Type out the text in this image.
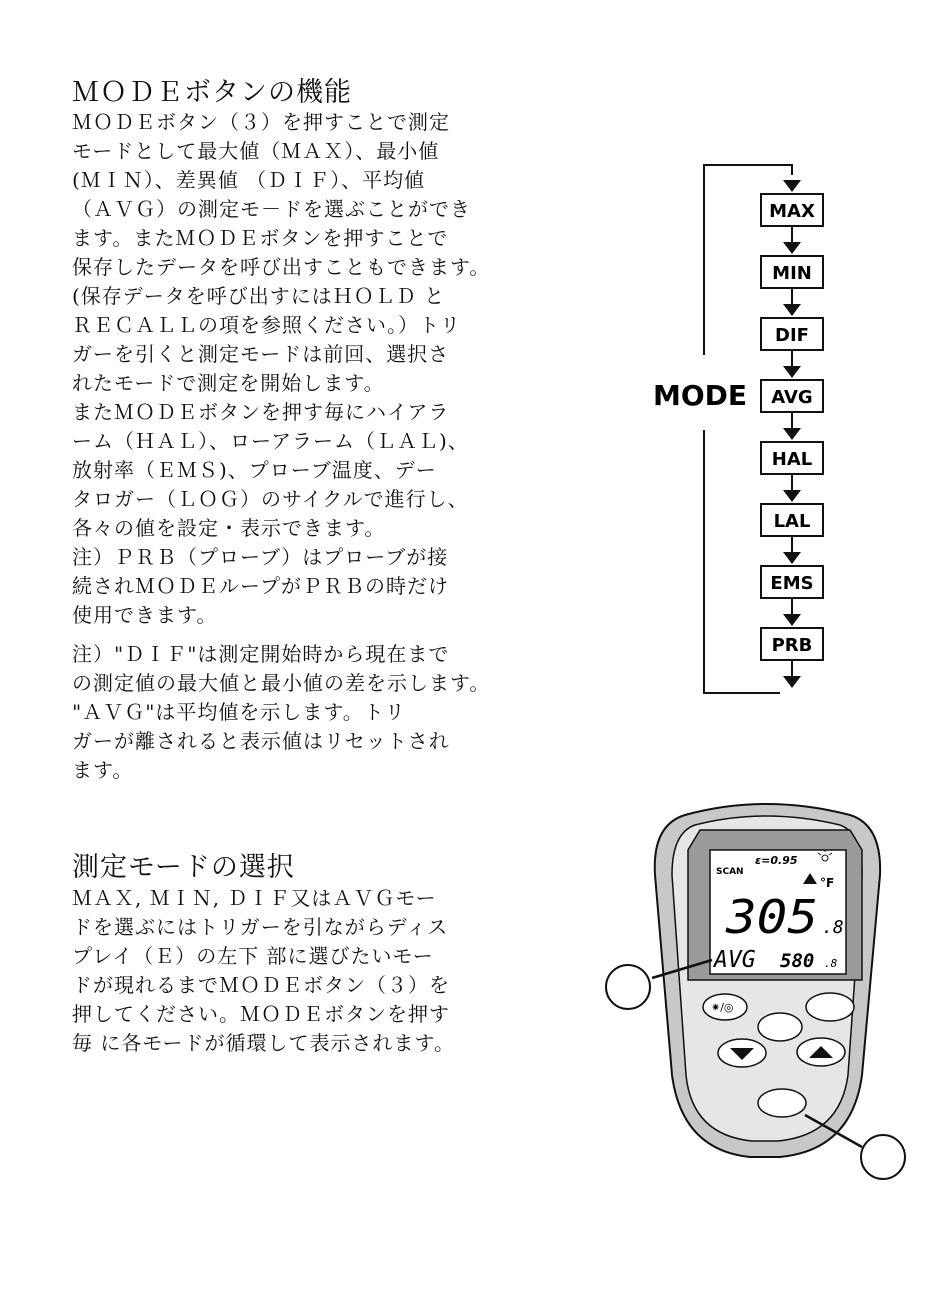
ＭＯＤＥボタンの機能
ＭＯＤＥボタン（３）を押すことで測定
モードとして最大値（ＭＡＸ）、最小値
(ＭＩＮ）、差異値 （ＤＩＦ）、平均値
（ＡＶＧ）の測定モ－ドを選ぶことができ
ます。またＭＯＤＥボタンを押すことで
保存したデータを呼び出すこともできます。
(保存データを呼び出すにはＨＯＬＤ と
ＲＥＣＡＬＬの項を参照ください。）トリ
ガーを引くと測定モードは前回、選択さ
れたモードで測定を開始します。
またＭＯＤＥボタンを押す毎にハイアラ
ーム（ＨＡＬ）、ローアラーム（ＬＡＬ)、
放射率（ＥＭＳ)、プローブ温度、デー
タロガー（ＬＯＧ）のサイクルで進行し、
各々の値を設定・表示できます。
注）ＰＲＢ（プローブ）はプローブが接
続されＭＯＤＥループがＰＲＢの時だけ
使用できます。
注）"ＤＩＦ"は測定開始時から現在まで
の測定値の最大値と最小値の差を示します。
"ＡＶＧ"は平均値を示します。トリ
ガーが離されると表示値はリセットされ
ます。
測定モードの選択
ＭＡＸ, ＭＩＮ, ＤＩＦ又はＡＶＧモー
ドを選ぶにはトリガーを引ながらディス
プレイ（Ｅ）の左下 部に選びたいモー
ドが現れるまでＭＯＤＥボタン（３）を
押してください。ＭＯＤＥボタンを押す
毎 に各モードが循環して表示されます。
MODE
MAX
MIN
DIF
AVG
HAL
LAL
EMS
PRB
SCAN
ε=0.95
°F
305 .8
AVG 580 .8
✷/◎
